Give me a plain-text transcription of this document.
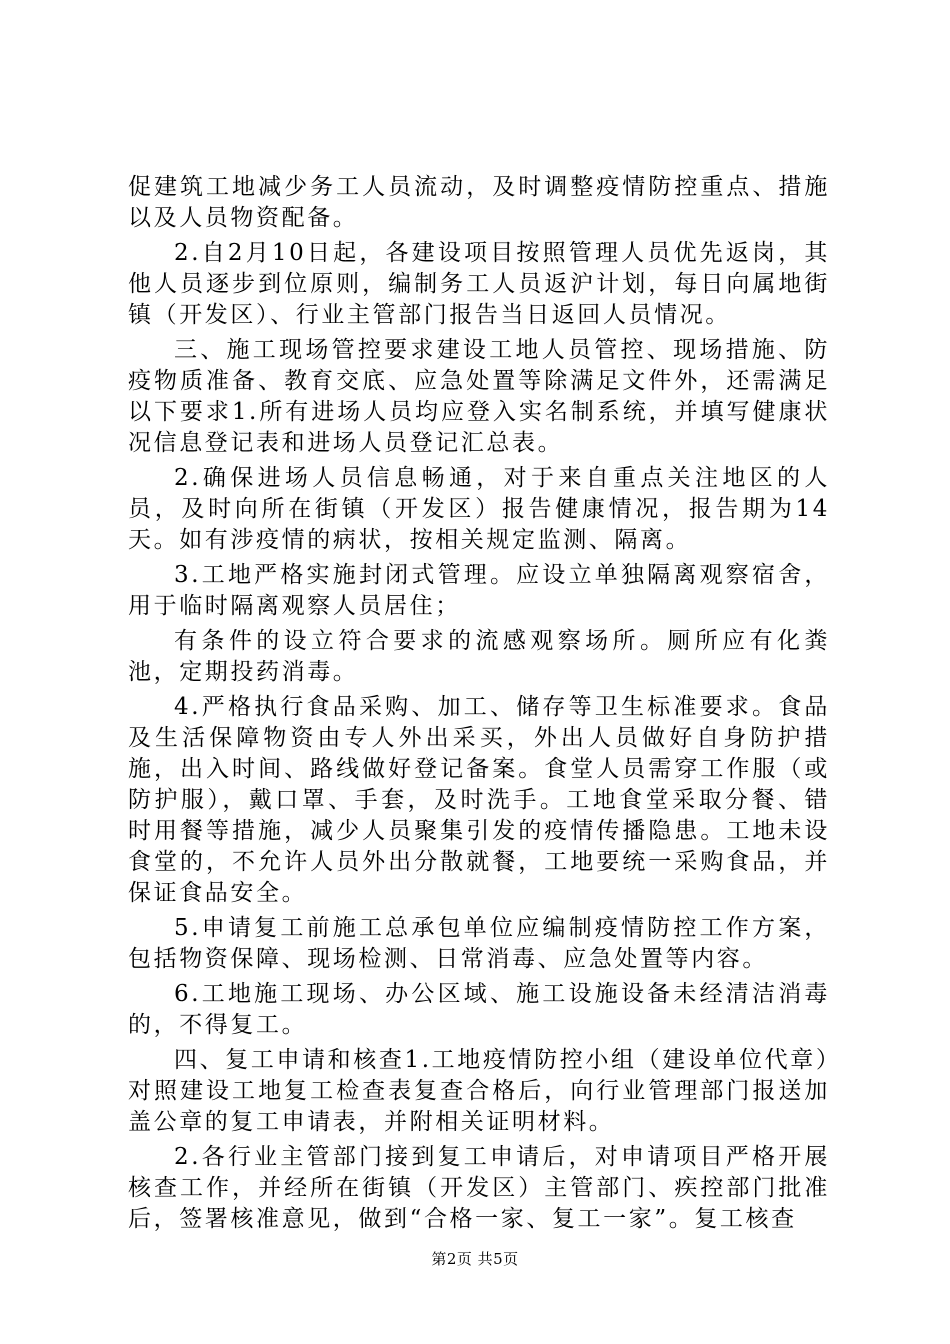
促建筑工地减少务工人员流动，及时调整疫情防控重点、措施以及人员物资配备。

2.自2月10日起，各建设项目按照管理人员优先返岗，其他人员逐步到位原则，编制务工人员返沪计划，每日向属地街镇（开发区）、行业主管部门报告当日返回人员情况。

三、施工现场管控要求建设工地人员管控、现场措施、防疫物质准备、教育交底、应急处置等除满足文件外，还需满足以下要求1.所有进场人员均应登入实名制系统，并填写健康状况信息登记表和进场人员登记汇总表。

2.确保进场人员信息畅通，对于来自重点关注地区的人员，及时向所在街镇（开发区）报告健康情况，报告期为14天。如有涉疫情的病状，按相关规定监测、隔离。

3.工地严格实施封闭式管理。应设立单独隔离观察宿舍，用于临时隔离观察人员居住；

有条件的设立符合要求的流感观察场所。厕所应有化粪池，定期投药消毒。

4.严格执行食品采购、加工、储存等卫生标准要求。食品及生活保障物资由专人外出采买，外出人员做好自身防护措施，出入时间、路线做好登记备案。食堂人员需穿工作服（或防护服），戴口罩、手套，及时洗手。工地食堂采取分餐、错时用餐等措施，减少人员聚集引发的疫情传播隐患。工地未设食堂的，不允许人员外出分散就餐，工地要统一采购食品，并保证食品安全。

5.申请复工前施工总承包单位应编制疫情防控工作方案，包括物资保障、现场检测、日常消毒、应急处置等内容。

6.工地施工现场、办公区域、施工设施设备未经清洁消毒的，不得复工。

四、复工申请和核查1.工地疫情防控小组（建设单位代章）对照建设工地复工检查表复查合格后，向行业管理部门报送加盖公章的复工申请表，并附相关证明材料。

2.各行业主管部门接到复工申请后，对申请项目严格开展核查工作，并经所在街镇（开发区）主管部门、疾控部门批准后，签署核准意见，做到“合格一家、复工一家”。复工核查

第2页 共5页
